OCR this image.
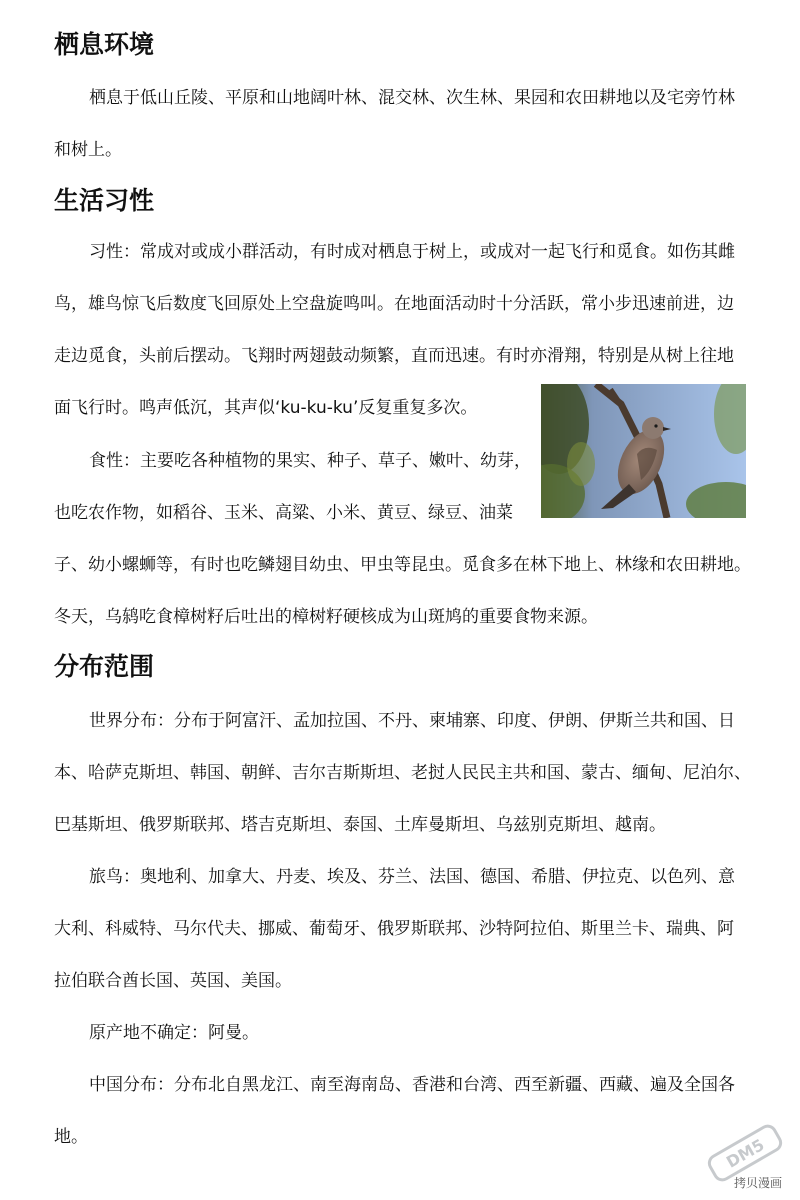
栖息环境

栖息于低山丘陵、平原和山地阔叶林、混交林、次生林、果园和农田耕地以及宅旁竹林

和树上。

生活习性

习性：常成对或成小群活动，有时成对栖息于树上，或成对一起飞行和觅食。如伤其雌

鸟，雄鸟惊飞后数度飞回原处上空盘旋鸣叫。在地面活动时十分活跃，常小步迅速前进，边

走边觅食，头前后摆动。飞翔时两翅鼓动频繁，直而迅速。有时亦滑翔，特别是从树上往地

面飞行时。鸣声低沉，其声似‘ku-ku-ku’反复重复多次。

食性：主要吃各种植物的果实、种子、草子、嫩叶、幼芽，

也吃农作物，如稻谷、玉米、高粱、小米、黄豆、绿豆、油菜

子、幼小螺蛳等，有时也吃鳞翅目幼虫、甲虫等昆虫。觅食多在林下地上、林缘和农田耕地。

冬天，乌鸫吃食樟树籽后吐出的樟树籽硬核成为山斑鸠的重要食物来源。

分布范围

世界分布：分布于阿富汗、孟加拉国、不丹、柬埔寨、印度、伊朗、伊斯兰共和国、日

本、哈萨克斯坦、韩国、朝鲜、吉尔吉斯斯坦、老挝人民民主共和国、蒙古、缅甸、尼泊尔、

巴基斯坦、俄罗斯联邦、塔吉克斯坦、泰国、土库曼斯坦、乌兹别克斯坦、越南。

旅鸟：奥地利、加拿大、丹麦、埃及、芬兰、法国、德国、希腊、伊拉克、以色列、意

大利、科威特、马尔代夫、挪威、葡萄牙、俄罗斯联邦、沙特阿拉伯、斯里兰卡、瑞典、阿

拉伯联合酋长国、英国、美国。

原产地不确定：阿曼。

中国分布：分布北自黑龙江、南至海南岛、香港和台湾、西至新疆、西藏、遍及全国各

地。	DM5
拷贝漫画
